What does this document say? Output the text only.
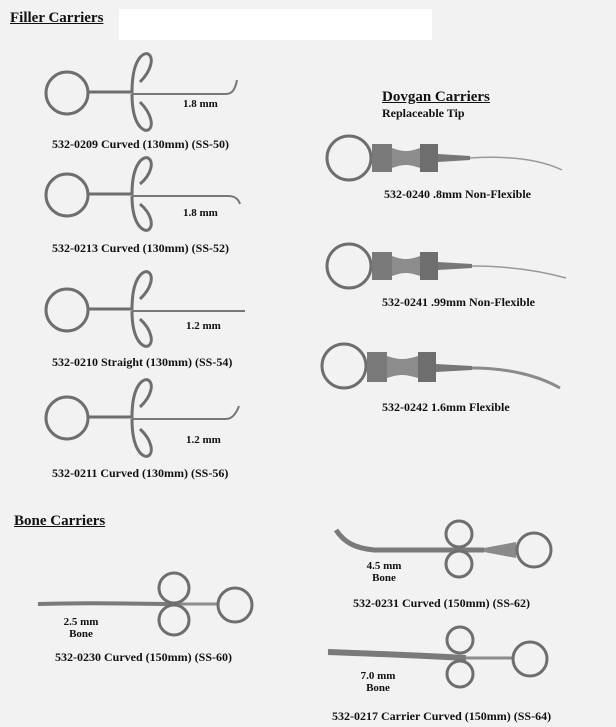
Filler Carriers
1.8 mm
532-0209 Curved (130mm) (SS-50)
1.8 mm
532-0213 Curved (130mm) (SS-52)
1.2 mm
532-0210 Straight (130mm) (SS-54)
1.2 mm
532-0211 Curved (130mm) (SS-56)
Dovgan Carriers
Replaceable Tip
532-0240 .8mm Non-Flexible
532-0241 .99mm Non-Flexible
532-0242 1.6mm Flexible
Bone Carriers
2.5 mm
Bone
532-0230 Curved (150mm) (SS-60)
4.5 mm
Bone
532-0231 Curved (150mm) (SS-62)
7.0 mm
Bone
532-0217 Carrier Curved (150mm) (SS-64)
